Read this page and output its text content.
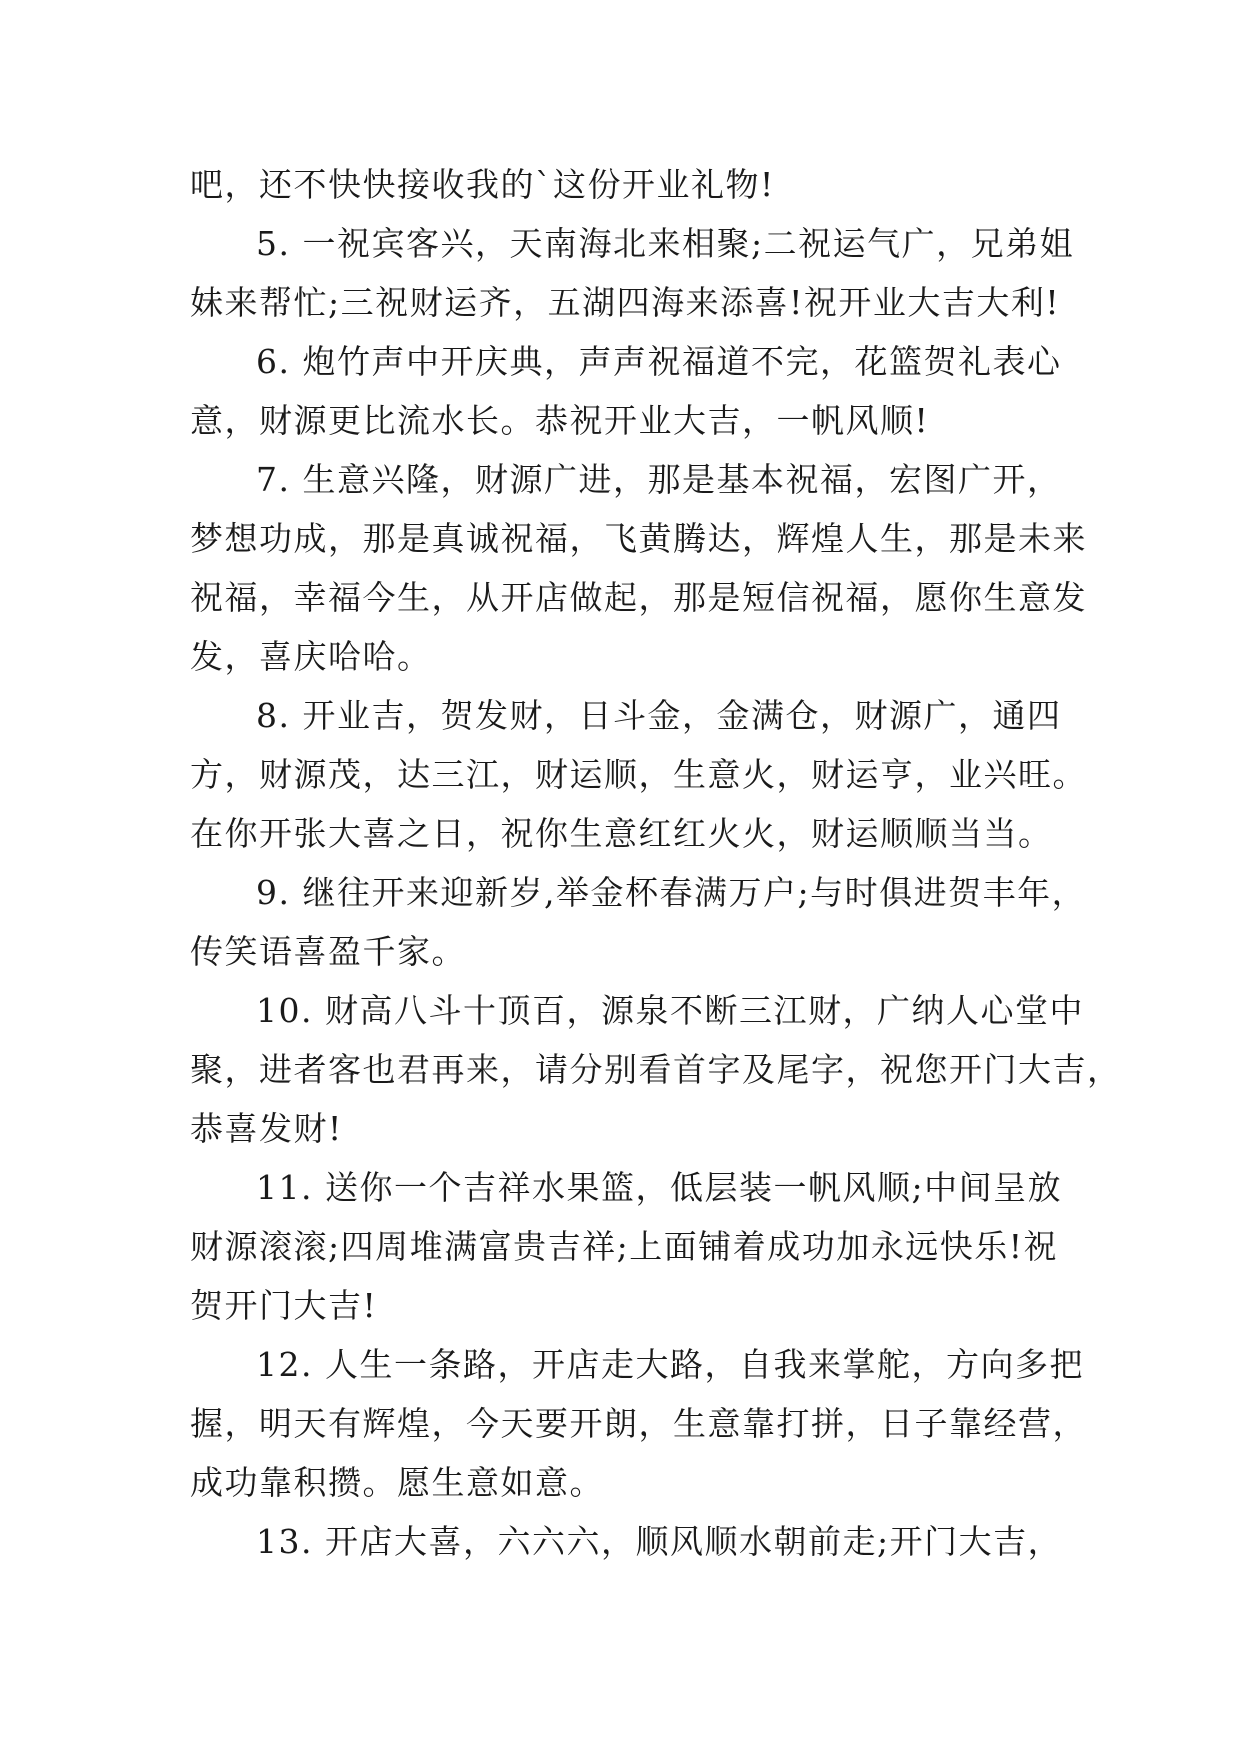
吧，还不快快接收我的`这份开业礼物!
5. 一祝宾客兴，天南海北来相聚;二祝运气广，兄弟姐
妹来帮忙;三祝财运齐，五湖四海来添喜!祝开业大吉大利!
6. 炮竹声中开庆典，声声祝福道不完，花篮贺礼表心
意，财源更比流水长。恭祝开业大吉，一帆风顺!
7. 生意兴隆，财源广进，那是基本祝福，宏图广开，
梦想功成，那是真诚祝福，飞黄腾达，辉煌人生，那是未来
祝福，幸福今生，从开店做起，那是短信祝福，愿你生意发
发，喜庆哈哈。
8. 开业吉，贺发财，日斗金，金满仓，财源广，通四
方，财源茂，达三江，财运顺，生意火，财运亨，业兴旺。
在你开张大喜之日，祝你生意红红火火，财运顺顺当当。
9. 继往开来迎新岁,举金杯春满万户;与时俱进贺丰年，
传笑语喜盈千家。
10. 财高八斗十顶百，源泉不断三江财，广纳人心堂中
聚，进者客也君再来，请分别看首字及尾字，祝您开门大吉，
恭喜发财!
11. 送你一个吉祥水果篮，低层装一帆风顺;中间呈放
财源滚滚;四周堆满富贵吉祥;上面铺着成功加永远快乐!祝
贺开门大吉!
12. 人生一条路，开店走大路，自我来掌舵，方向多把
握，明天有辉煌，今天要开朗，生意靠打拼，日子靠经营，
成功靠积攒。愿生意如意。
13. 开店大喜，六六六，顺风顺水朝前走;开门大吉，
